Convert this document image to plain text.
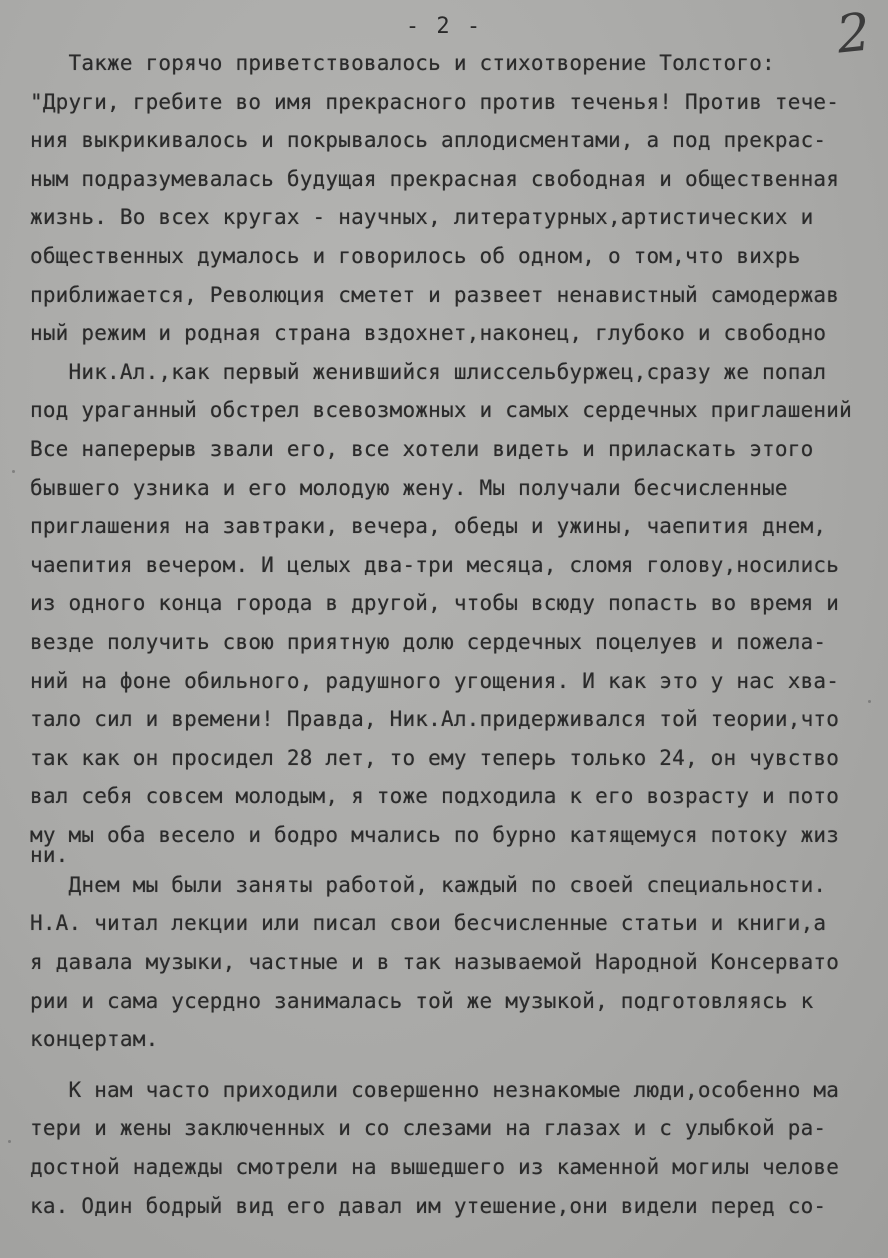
- 2 -	2
Также горячо приветствовалось и стихотворение Толстого:
"Други, гребите во имя прекрасного против теченья! Против тече-
ния выкрикивалось и покрывалось аплодисментами, а под прекрас-
ным подразумевалась будущая прекрасная свободная и общественная
жизнь. Во всех кругах - научных, литературных,артистических и
общественных думалось и говорилось об одном, о том,что вихрь
приближается, Революция сметет и развеет ненавистный самодержав
ный режим и родная страна вздохнет,наконец, глубоко и свободно
Ник.Ал.,как первый женившийся шлиссельбуржец,сразу же попал
под ураганный обстрел всевозможных и самых сердечных приглашений
Все наперерыв звали его, все хотели видеть и приласкать этого
бывшего узника и его молодую жену. Мы получали бесчисленные
приглашения на завтраки, вечера, обеды и ужины, чаепития днем,
чаепития вечером. И целых два-три месяца, сломя голову,носились
из одного конца города в другой, чтобы всюду попасть во время и
везде получить свою приятную долю сердечных поцелуев и пожела-
ний на фоне обильного, радушного угощения. И как это у нас хва-
тало сил и времени! Правда, Ник.Ал.придерживался той теории,что
так как он просидел 28 лет, то ему теперь только 24, он чувство
вал себя совсем молодым, я тоже подходила к его возрасту и пото
му мы оба весело и бодро мчались по бурно катящемуся потоку жиз
ни.
Днем мы были заняты работой, каждый по своей специальности.
Н.А. читал лекции или писал свои бесчисленные статьи и книги,а
я давала музыки, частные и в так называемой Народной Консервато
рии и сама усердно занималась той же музыкой, подготовляясь к
концертам.
К нам часто приходили совершенно незнакомые люди,особенно ма
тери и жены заключенных и со слезами на глазах и с улыбкой ра-
достной надежды смотрели на вышедшего из каменной могилы челове
ка. Один бодрый вид его давал им утешение,они видели перед со-
